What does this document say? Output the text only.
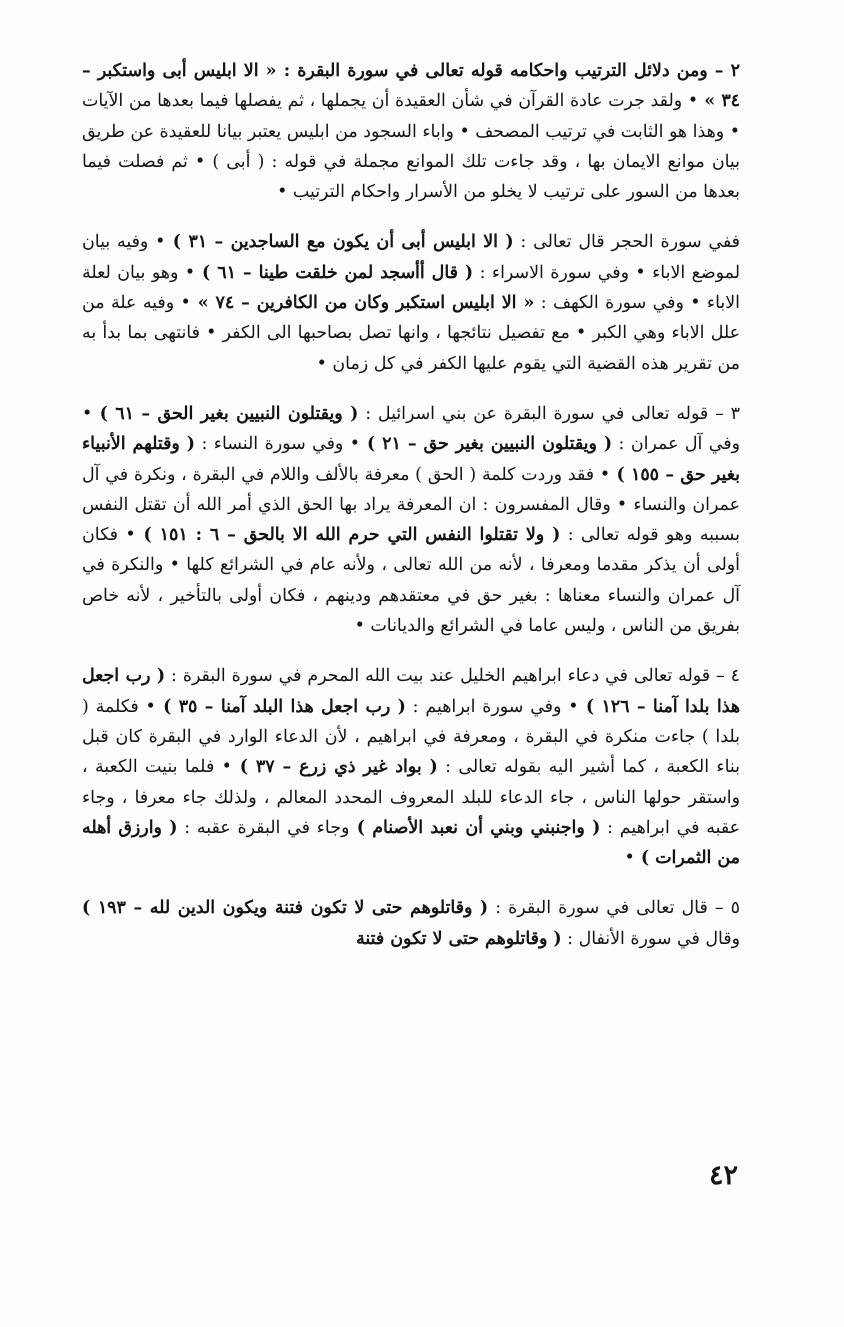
٢ – ومن دلائل الترتيب واحكامه قوله تعالى في سورة البقرة : « الا ابليس أبى واستكبر – ٣٤ » • ولقد جرت عادة القرآن في شأن العقيدة أن يجملها ، ثم يفصلها فيما بعدها من الآيات • وهذا هو الثابت في ترتيب المصحف • واباء السجود من ابليس يعتبر بيانا للعقيدة عن طريق بيان موانع الايمان بها ، وقد جاءت تلك الموانع مجملة في قوله : ( أبى ) • ثم فصلت فيما بعدها من السور على ترتيب لا يخلو من الأسرار واحكام الترتيب •

ففي سورة الحجر قال تعالى : ( الا ابليس أبى أن يكون مع الساجدين – ٣١ ) • وفيه بيان لموضع الاباء • وفي سورة الاسراء : ( قال أأسجد لمن خلقت طينا – ٦١ ) • وهو بيان لعلة الاباء • وفي سورة الكهف : « الا ابليس استكبر وكان من الكافرين – ٧٤ » • وفيه علة من علل الاباء وهي الكبر • مع تفصيل نتائجها ، وانها تصل بصاحبها الى الكفر • فانتهى بما بدأ به من تقرير هذه القضية التي يقوم عليها الكفر في كل زمان •

٣ – قوله تعالى في سورة البقرة عن بني اسرائيل : ( ويقتلون النبيين بغير الحق – ٦١ ) • وفي آل عمران : ( ويقتلون النبيين بغير حق – ٢١ ) • وفي سورة النساء : ( وقتلهم الأنبياء بغير حق – ١٥٥ ) • فقد وردت كلمة ( الحق ) معرفة بالألف واللام في البقرة ، ونكرة في آل عمران والنساء • وقال المفسرون : ان المعرفة يراد بها الحق الذي أمر الله أن تقتل النفس بسببه وهو قوله تعالى : ( ولا تقتلوا النفس التي حرم الله الا بالحق – ٦ : ١٥١ ) • فكان أولى أن يذكر مقدما ومعرفا ، لأنه من الله تعالى ، ولأنه عام في الشرائع كلها • والنكرة في آل عمران والنساء معناها : بغير حق في معتقدهم ودينهم ، فكان أولى بالتأخير ، لأنه خاص بفريق من الناس ، وليس عاما في الشرائع والديانات •

٤ – قوله تعالى في دعاء ابراهيم الخليل عند بيت الله المحرم في سورة البقرة : ( رب اجعل هذا بلدا آمنا – ١٢٦ ) • وفي سورة ابراهيم : ( رب اجعل هذا البلد آمنا – ٣٥ ) • فكلمة ( بلدا ) جاءت منكرة في البقرة ، ومعرفة في ابراهيم ، لأن الدعاء الوارد في البقرة كان قبل بناء الكعبة ، كما أشير اليه بقوله تعالى : ( بواد غير ذي زرع – ٣٧ ) • فلما بنيت الكعبة ، واستقر حولها الناس ، جاء الدعاء للبلد المعروف المحدد المعالم ، ولذلك جاء معرفا ، وجاء عقبه في ابراهيم : ( واجنبني وبني أن نعبد الأصنام ) وجاء في البقرة عقبه : ( وارزق أهله من الثمرات ) •

٥ – قال تعالى في سورة البقرة : ( وقاتلوهم حتى لا تكون فتنة ويكون الدين لله – ١٩٣ ) وقال في سورة الأنفال : ( وقاتلوهم حتى لا تكون فتنة

٤٢
